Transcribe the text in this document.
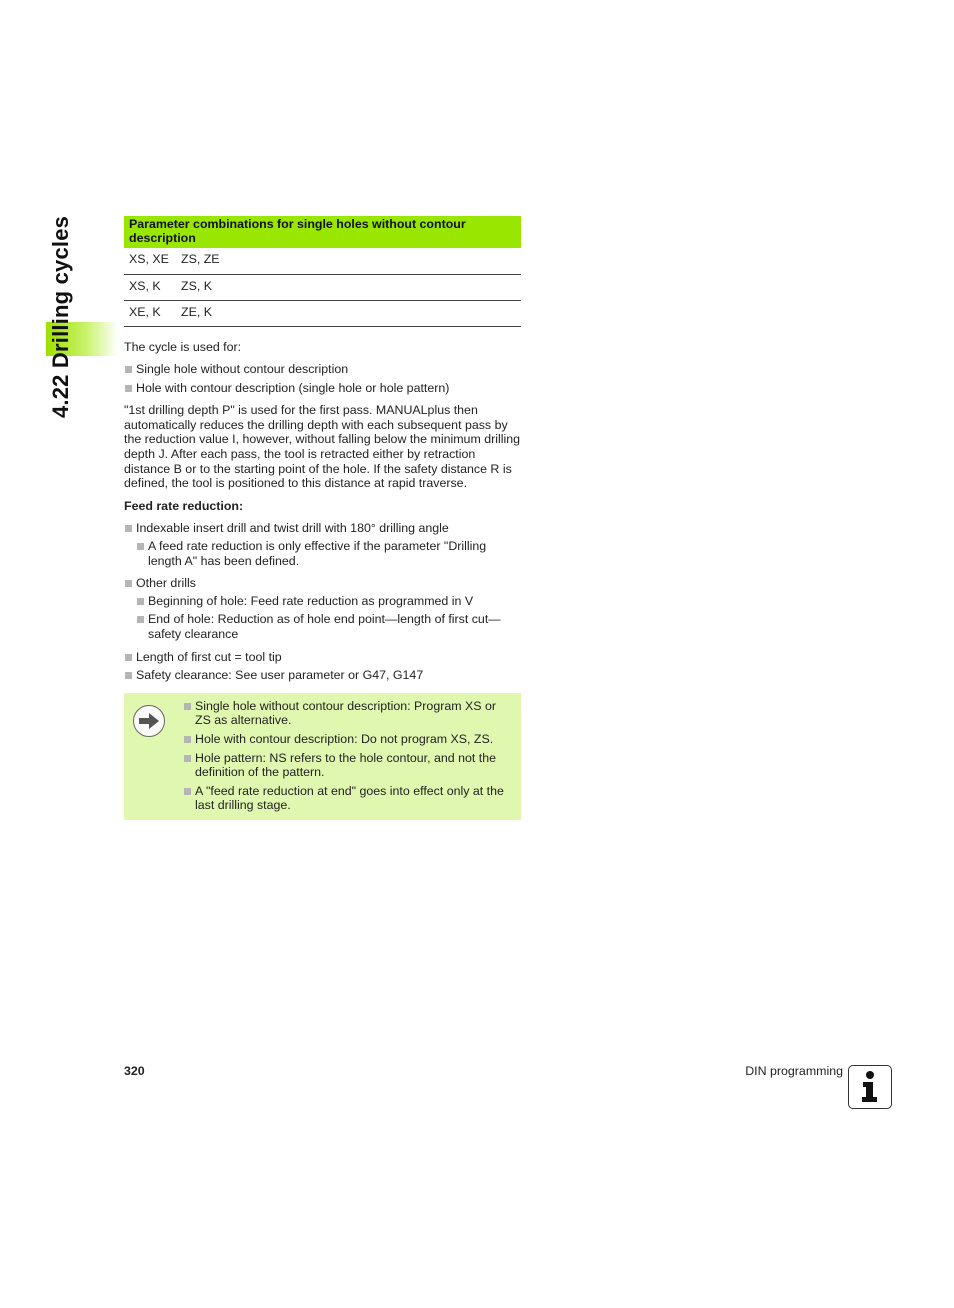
4.22 Drilling cycles	Parameter combinations for single holes without contour description	
XS, XE	ZS, ZE
XS, K	ZS, K
XE, K	ZE, K

The cycle is used for:

Single hole without contour description
Hole with contour description (single hole or hole pattern)

"1st drilling depth P" is used for the first pass. MANUALplus then automatically reduces the drilling depth with each subsequent pass by the reduction value I, however, without falling below the minimum drilling depth J. After each pass, the tool is retracted either by retraction distance B or to the starting point of the hole. If the safety distance R is defined, the tool is positioned to this distance at rapid traverse.

Feed rate reduction:

Indexable insert drill and twist drill with 180° drilling angle
A feed rate reduction is only effective if the parameter "Drilling length A" has been defined.
Other drills
Beginning of hole: Feed rate reduction as programmed in V
End of hole: Reduction as of hole end point—length of first cut—safety clearance
Length of first cut = tool tip
Safety clearance: See user parameter or G47, G147
Single hole without contour description: Program XS or ZS as alternative.
Hole with contour description: Do not program XS, ZS.
Hole pattern: NS refers to the hole contour, and not the definition of the pattern.
A "feed rate reduction at end" goes into effect only at the last drilling stage.
320	DIN programming
